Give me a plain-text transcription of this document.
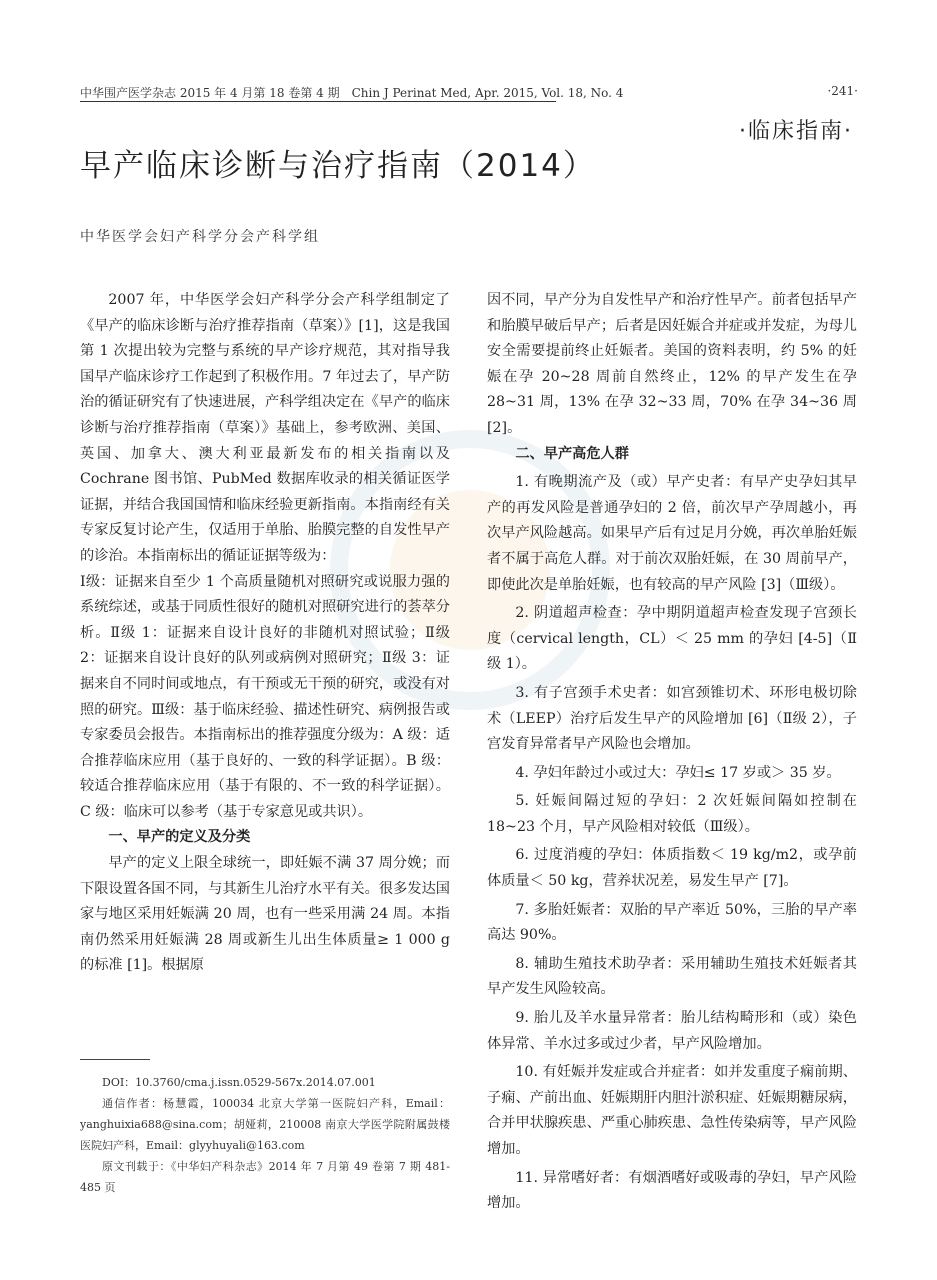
中华围产医学杂志 2015 年 4 月第 18 卷第 4 期　Chin J Perinat Med, Apr. 2015, Vol. 18, No. 4	·241·
·临床指南·
早产临床诊断与治疗指南（2014）
中华医学会妇产科学分会产科学组

2007 年，中华医学会妇产科学分会产科学组制定了《早产的临床诊断与治疗推荐指南（草案）》[1]，这是我国第 1 次提出较为完整与系统的早产诊疗规范，其对指导我国早产临床诊疗工作起到了积极作用。7 年过去了，早产防治的循证研究有了快速进展，产科学组决定在《早产的临床诊断与治疗推荐指南（草案）》基础上，参考欧洲、美国、英国、加拿大、澳大利亚最新发布的相关指南以及 Cochrane 图书馆、PubMed 数据库收录的相关循证医学证据，并结合我国国情和临床经验更新指南。本指南经有关专家反复讨论产生，仅适用于单胎、胎膜完整的自发性早产的诊治。本指南标出的循证证据等级为：

Ⅰ级：证据来自至少 1 个高质量随机对照研究或说服力强的系统综述，或基于同质性很好的随机对照研究进行的荟萃分析。Ⅱ级 1：证据来自设计良好的非随机对照试验；Ⅱ级 2：证据来自设计良好的队列或病例对照研究；Ⅱ级 3：证据来自不同时间或地点，有干预或无干预的研究，或没有对照的研究。Ⅲ级：基于临床经验、描述性研究、病例报告或专家委员会报告。本指南标出的推荐强度分级为：A 级：适合推荐临床应用（基于良好的、一致的科学证据）。B 级：较适合推荐临床应用（基于有限的、不一致的科学证据）。C 级：临床可以参考（基于专家意见或共识）。

一、早产的定义及分类

早产的定义上限全球统一，即妊娠不满 37 周分娩；而下限设置各国不同，与其新生儿治疗水平有关。很多发达国家与地区采用妊娠满 20 周，也有一些采用满 24 周。本指南仍然采用妊娠满 28 周或新生儿出生体质量≥ 1 000 g 的标准 [1]。根据原

DOI：10.3760/cma.j.issn.0529-567x.2014.07.001

通信作者：杨慧霞，100034 北京大学第一医院妇产科，Email：yanghuixia688@sina.com；胡娅莉，210008 南京大学医学院附属鼓楼医院妇产科，Email：glyyhuyali@163.com

原文刊载于：《中华妇产科杂志》2014 年 7 月第 49 卷第 7 期 481-485 页

因不同，早产分为自发性早产和治疗性早产。前者包括早产和胎膜早破后早产；后者是因妊娠合并症或并发症，为母儿安全需要提前终止妊娠者。美国的资料表明，约 5% 的妊娠在孕 20~28 周前自然终止，12% 的早产发生在孕 28~31 周，13% 在孕 32~33 周，70% 在孕 34~36 周 [2]。

二、早产高危人群

1. 有晚期流产及（或）早产史者：有早产史孕妇其早产的再发风险是普通孕妇的 2 倍，前次早产孕周越小，再次早产风险越高。如果早产后有过足月分娩，再次单胎妊娠者不属于高危人群。对于前次双胎妊娠，在 30 周前早产，即使此次是单胎妊娠，也有较高的早产风险 [3]（Ⅲ级）。

2. 阴道超声检查：孕中期阴道超声检查发现子宫颈长度（cervical length，CL）＜ 25 mm 的孕妇 [4-5]（Ⅱ级 1）。

3. 有子宫颈手术史者：如宫颈锥切术、环形电极切除术（LEEP）治疗后发生早产的风险增加 [6]（Ⅱ级 2），子宫发育异常者早产风险也会增加。

4. 孕妇年龄过小或过大：孕妇≤ 17 岁或＞ 35 岁。

5. 妊娠间隔过短的孕妇：2 次妊娠间隔如控制在 18~23 个月，早产风险相对较低（Ⅲ级）。

6. 过度消瘦的孕妇：体质指数＜ 19 kg/m2，或孕前体质量＜ 50 kg，营养状况差，易发生早产 [7]。

7. 多胎妊娠者：双胎的早产率近 50%，三胎的早产率高达 90%。

8. 辅助生殖技术助孕者：采用辅助生殖技术妊娠者其早产发生风险较高。

9. 胎儿及羊水量异常者：胎儿结构畸形和（或）染色体异常、羊水过多或过少者，早产风险增加。

10. 有妊娠并发症或合并症者：如并发重度子痫前期、子痫、产前出血、妊娠期肝内胆汁淤积症、妊娠期糖尿病，合并甲状腺疾患、严重心肺疾患、急性传染病等，早产风险增加。

11. 异常嗜好者：有烟酒嗜好或吸毒的孕妇，早产风险增加。
